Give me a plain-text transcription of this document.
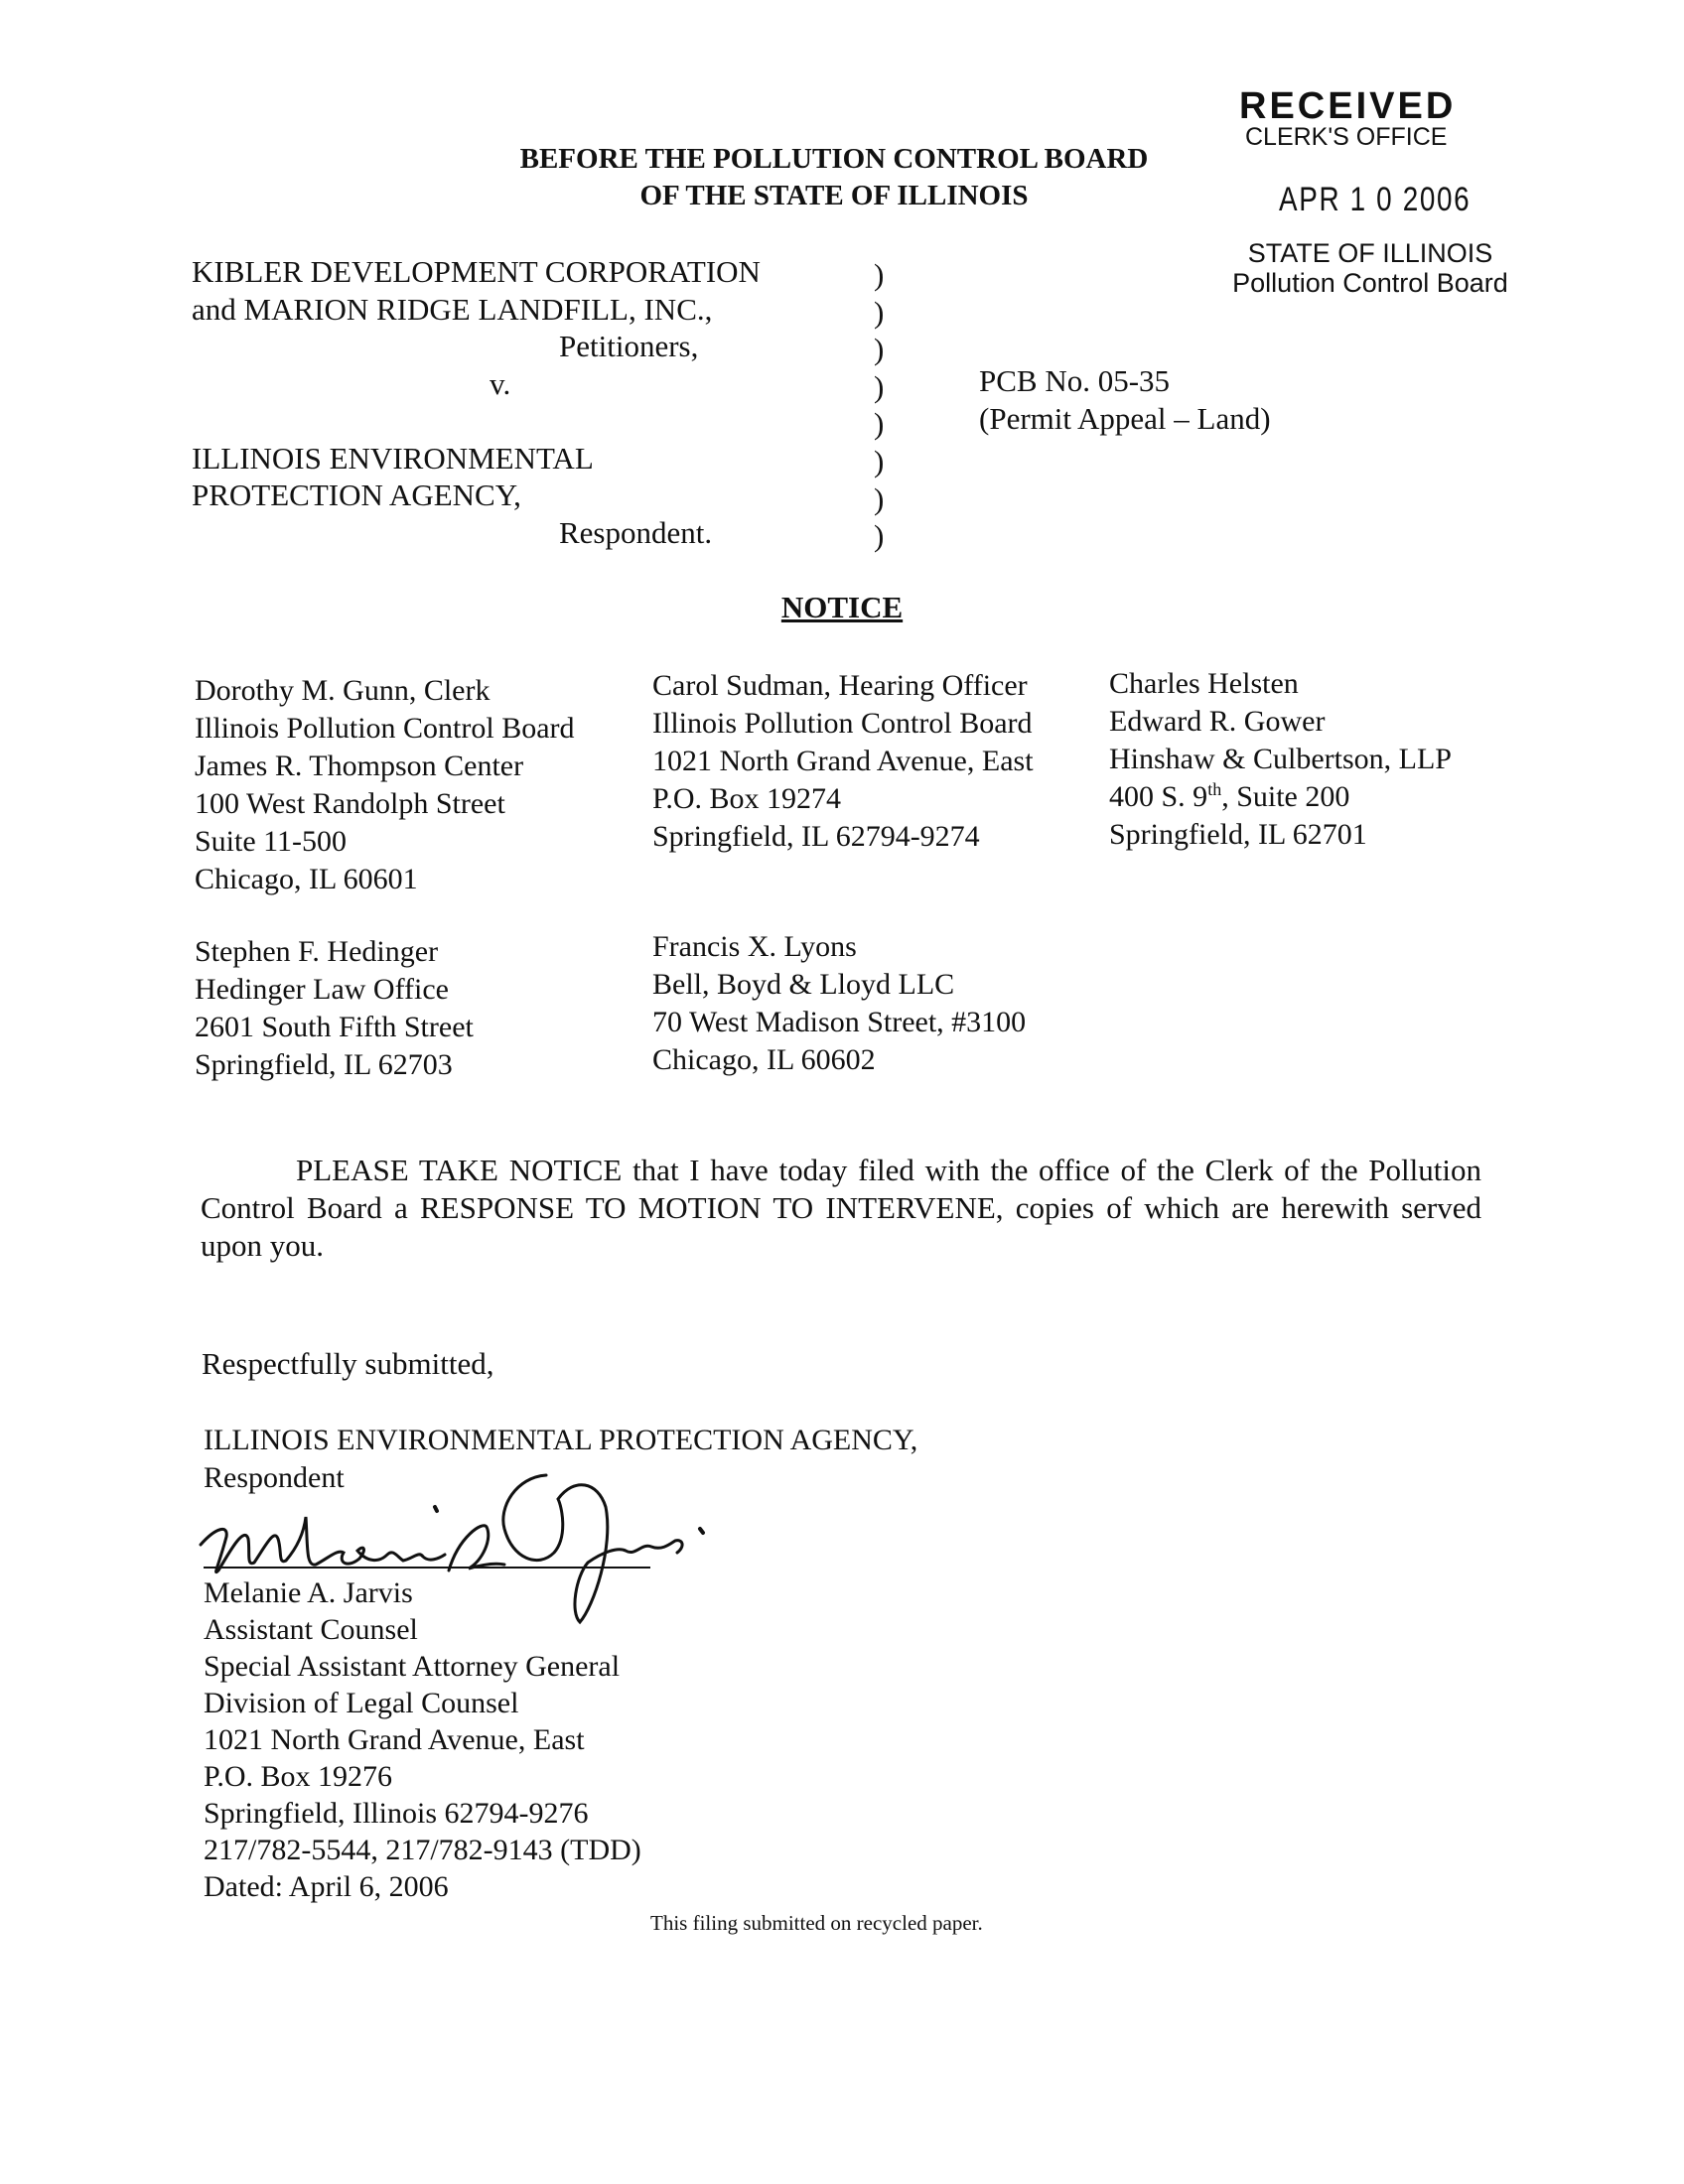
RECEIVED
CLERK'S OFFICE
APR 1 0 2006
STATE OF ILLINOIS
Pollution Control Board
BEFORE THE POLLUTION CONTROL BOARD
OF THE STATE OF ILLINOIS
KIBLER DEVELOPMENT CORPORATION
and MARION RIDGE LANDFILL, INC.,
Petitioners,
v.
ILLINOIS ENVIRONMENTAL
PROTECTION AGENCY,
Respondent.
)
)
)
)
)
)
)
)
PCB No. 05-35
(Permit Appeal – Land)
NOTICE
Dorothy M. Gunn, Clerk
Illinois Pollution Control Board
James R. Thompson Center
100 West Randolph Street
Suite 11-500
Chicago, IL 60601
Carol Sudman, Hearing Officer
Illinois Pollution Control Board
1021 North Grand Avenue, East
P.O. Box 19274
Springfield, IL 62794-9274
Charles Helsten
Edward R. Gower
Hinshaw & Culbertson, LLP
400 S. 9th, Suite 200
Springfield, IL 62701
Stephen F. Hedinger
Hedinger Law Office
2601 South Fifth Street
Springfield, IL 62703
Francis X. Lyons
Bell, Boyd & Lloyd LLC
70 West Madison Street, #3100
Chicago, IL 60602

PLEASE TAKE NOTICE that I have today filed with the office of the Clerk of the Pollution Control Board a RESPONSE TO MOTION TO INTERVENE, copies of which are herewith served upon you.

Respectfully submitted,
ILLINOIS ENVIRONMENTAL PROTECTION AGENCY,
Respondent
Melanie A. Jarvis
Assistant Counsel
Special Assistant Attorney General
Division of Legal Counsel
1021 North Grand Avenue, East
P.O. Box 19276
Springfield, Illinois 62794-9276
217/782-5544, 217/782-9143 (TDD)
Dated: April 6, 2006
This filing submitted on recycled paper.
